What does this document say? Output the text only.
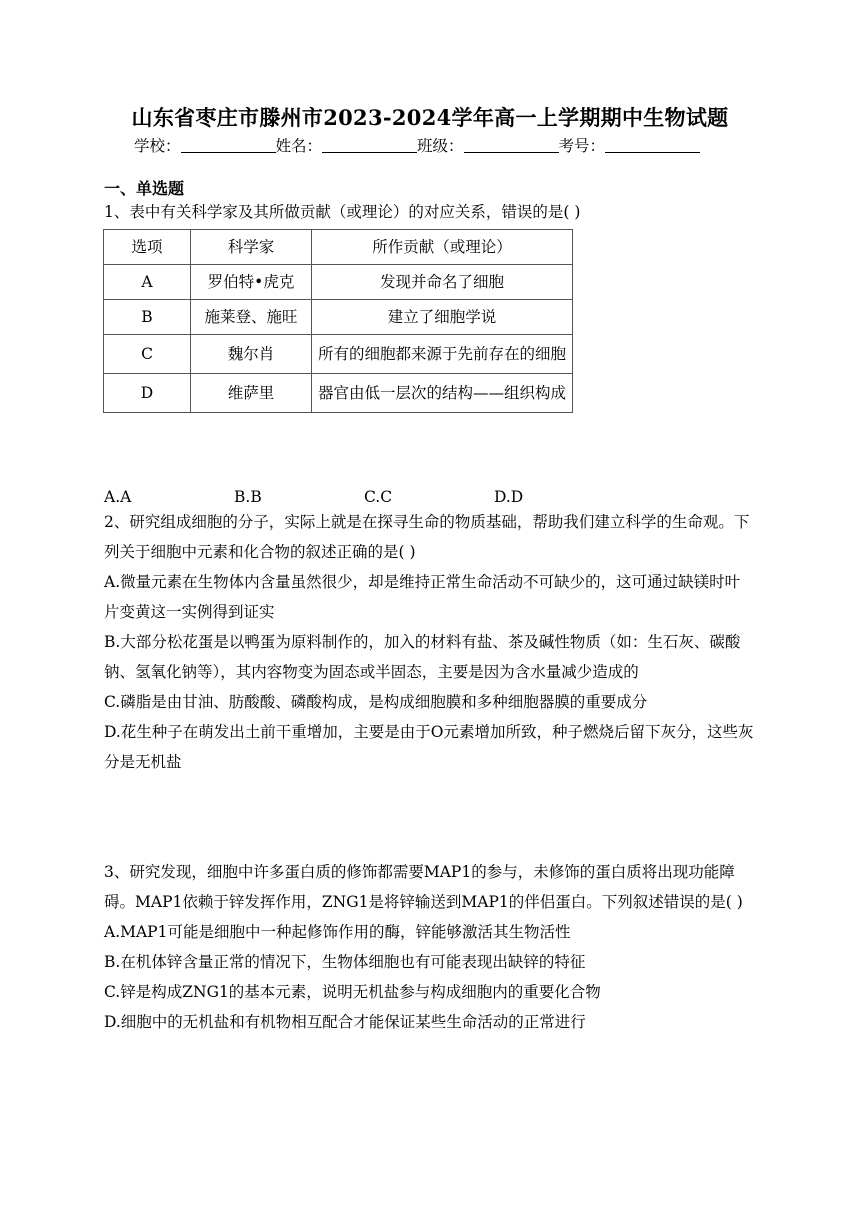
山东省枣庄市滕州市2023-2024学年高一上学期期中生物试题
学校：	姓名：	班级：	考号：
一、单选题

1、表中有关科学家及其所做贡献（或理论）的对应关系，错误的是( )

选项	科学家	所作贡献（或理论）
A	罗伯特•虎克	发现并命名了细胞
B	施莱登、施旺	建立了细胞学说
C	魏尔肖	所有的细胞都来源于先前存在的细胞
D	维萨里	器官由低一层次的结构——组织构成
A.A	B.B	C.C	D.D

2、研究组成细胞的分子，实际上就是在探寻生命的物质基础，帮助我们建立科学的生命观。下列关于细胞中元素和化合物的叙述正确的是( )

A.微量元素在生物体内含量虽然很少，却是维持正常生命活动不可缺少的，这可通过缺镁时叶片变黄这一实例得到证实

B.大部分松花蛋是以鸭蛋为原料制作的，加入的材料有盐、茶及碱性物质（如：生石灰、碳酸钠、氢氧化钠等），其内容物变为固态或半固态，主要是因为含水量减少造成的

C.磷脂是由甘油、肪酸酸、磷酸构成，是构成细胞膜和多种细胞器膜的重要成分

D.花生种子在萌发出土前干重增加，主要是由于O元素增加所致，种子燃烧后留下灰分，这些灰分是无机盐

3、研究发现，细胞中许多蛋白质的修饰都需要MAP1的参与，未修饰的蛋白质将出现功能障碍。MAP1依赖于锌发挥作用，ZNG1是将锌输送到MAP1的伴侣蛋白。下列叙述错误的是( )

A.MAP1可能是细胞中一种起修饰作用的酶，锌能够激活其生物活性

B.在机体锌含量正常的情况下，生物体细胞也有可能表现出缺锌的特征

C.锌是构成ZNG1的基本元素，说明无机盐参与构成细胞内的重要化合物

D.细胞中的无机盐和有机物相互配合才能保证某些生命活动的正常进行
